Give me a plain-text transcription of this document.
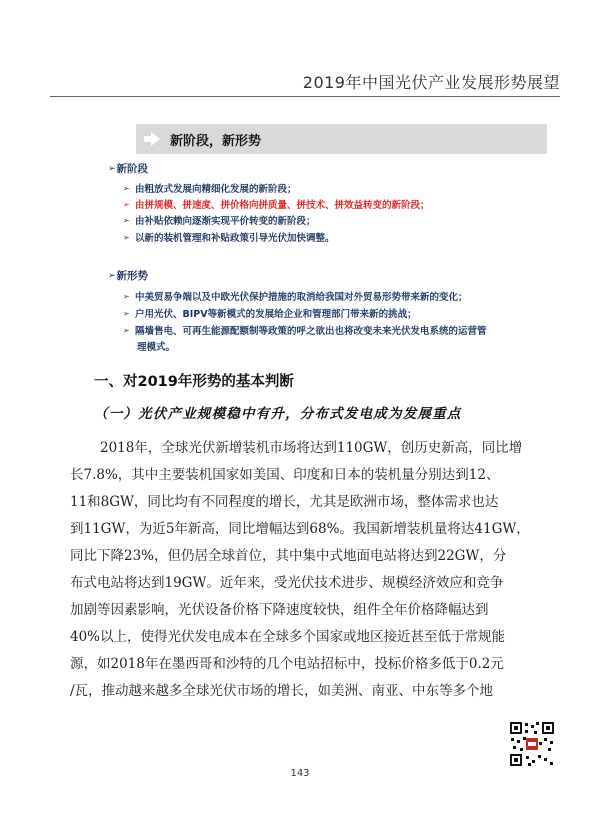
2019年中国光伏产业发展形势展望
新阶段，新形势
➢ 新阶段
➢ 由粗放式发展向精细化发展的新阶段；
➢ 由拼规模、拼速度、拼价格向拼质量、拼技术、拼效益转变的新阶段；
➢ 由补贴依赖向逐渐实现平价转变的新阶段；
➢ 以新的装机管理和补贴政策引导光伏加快调整。
➢ 新形势
➢ 中美贸易争端以及中欧光伏保护措施的取消给我国对外贸易形势带来新的变化；
➢ 户用光伏、BIPV等新模式的发展给企业和管理部门带来新的挑战；
➢ 隔墙售电、可再生能源配额制等政策的呼之欲出也将改变未来光伏发电系统的运营管
理模式。
一、对2019年形势的基本判断
（一）光伏产业规模稳中有升，分布式发电成为发展重点
2018年，全球光伏新增装机市场将达到110GW，创历史新高，同比增
长7.8%，其中主要装机国家如美国、印度和日本的装机量分别达到12、
11和8GW，同比均有不同程度的增长，尤其是欧洲市场，整体需求也达
到11GW，为近5年新高，同比增幅达到68%。我国新增装机量将达41GW，
同比下降23%，但仍居全球首位，其中集中式地面电站将达到22GW，分
布式电站将达到19GW。近年来，受光伏技术进步、规模经济效应和竞争
加剧等因素影响，光伏设备价格下降速度较快，组件全年价格降幅达到
40%以上，使得光伏发电成本在全球多个国家或地区接近甚至低于常规能
源，如2018年在墨西哥和沙特的几个电站招标中，投标价格多低于0.2元
/瓦，推动越来越多全球光伏市场的增长，如美洲、南亚、中东等多个地
143
